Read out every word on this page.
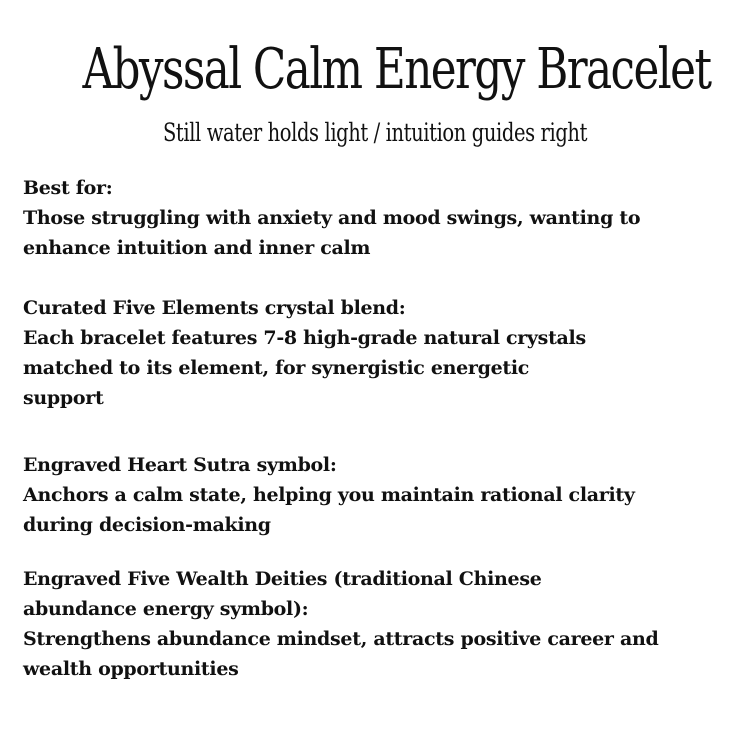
Abyssal Calm Energy Bracelet
Still water holds light / intuition guides right
Best for:
Those struggling with anxiety and mood swings, wanting to
enhance intuition and inner calm
Curated Five Elements crystal blend:
Each bracelet features 7-8 high-grade natural crystals
matched to its element, for synergistic energetic
support
Engraved Heart Sutra symbol:
Anchors a calm state, helping you maintain rational clarity
during decision-making
Engraved Five Wealth Deities (traditional Chinese
abundance energy symbol):
Strengthens abundance mindset, attracts positive career and
wealth opportunities
